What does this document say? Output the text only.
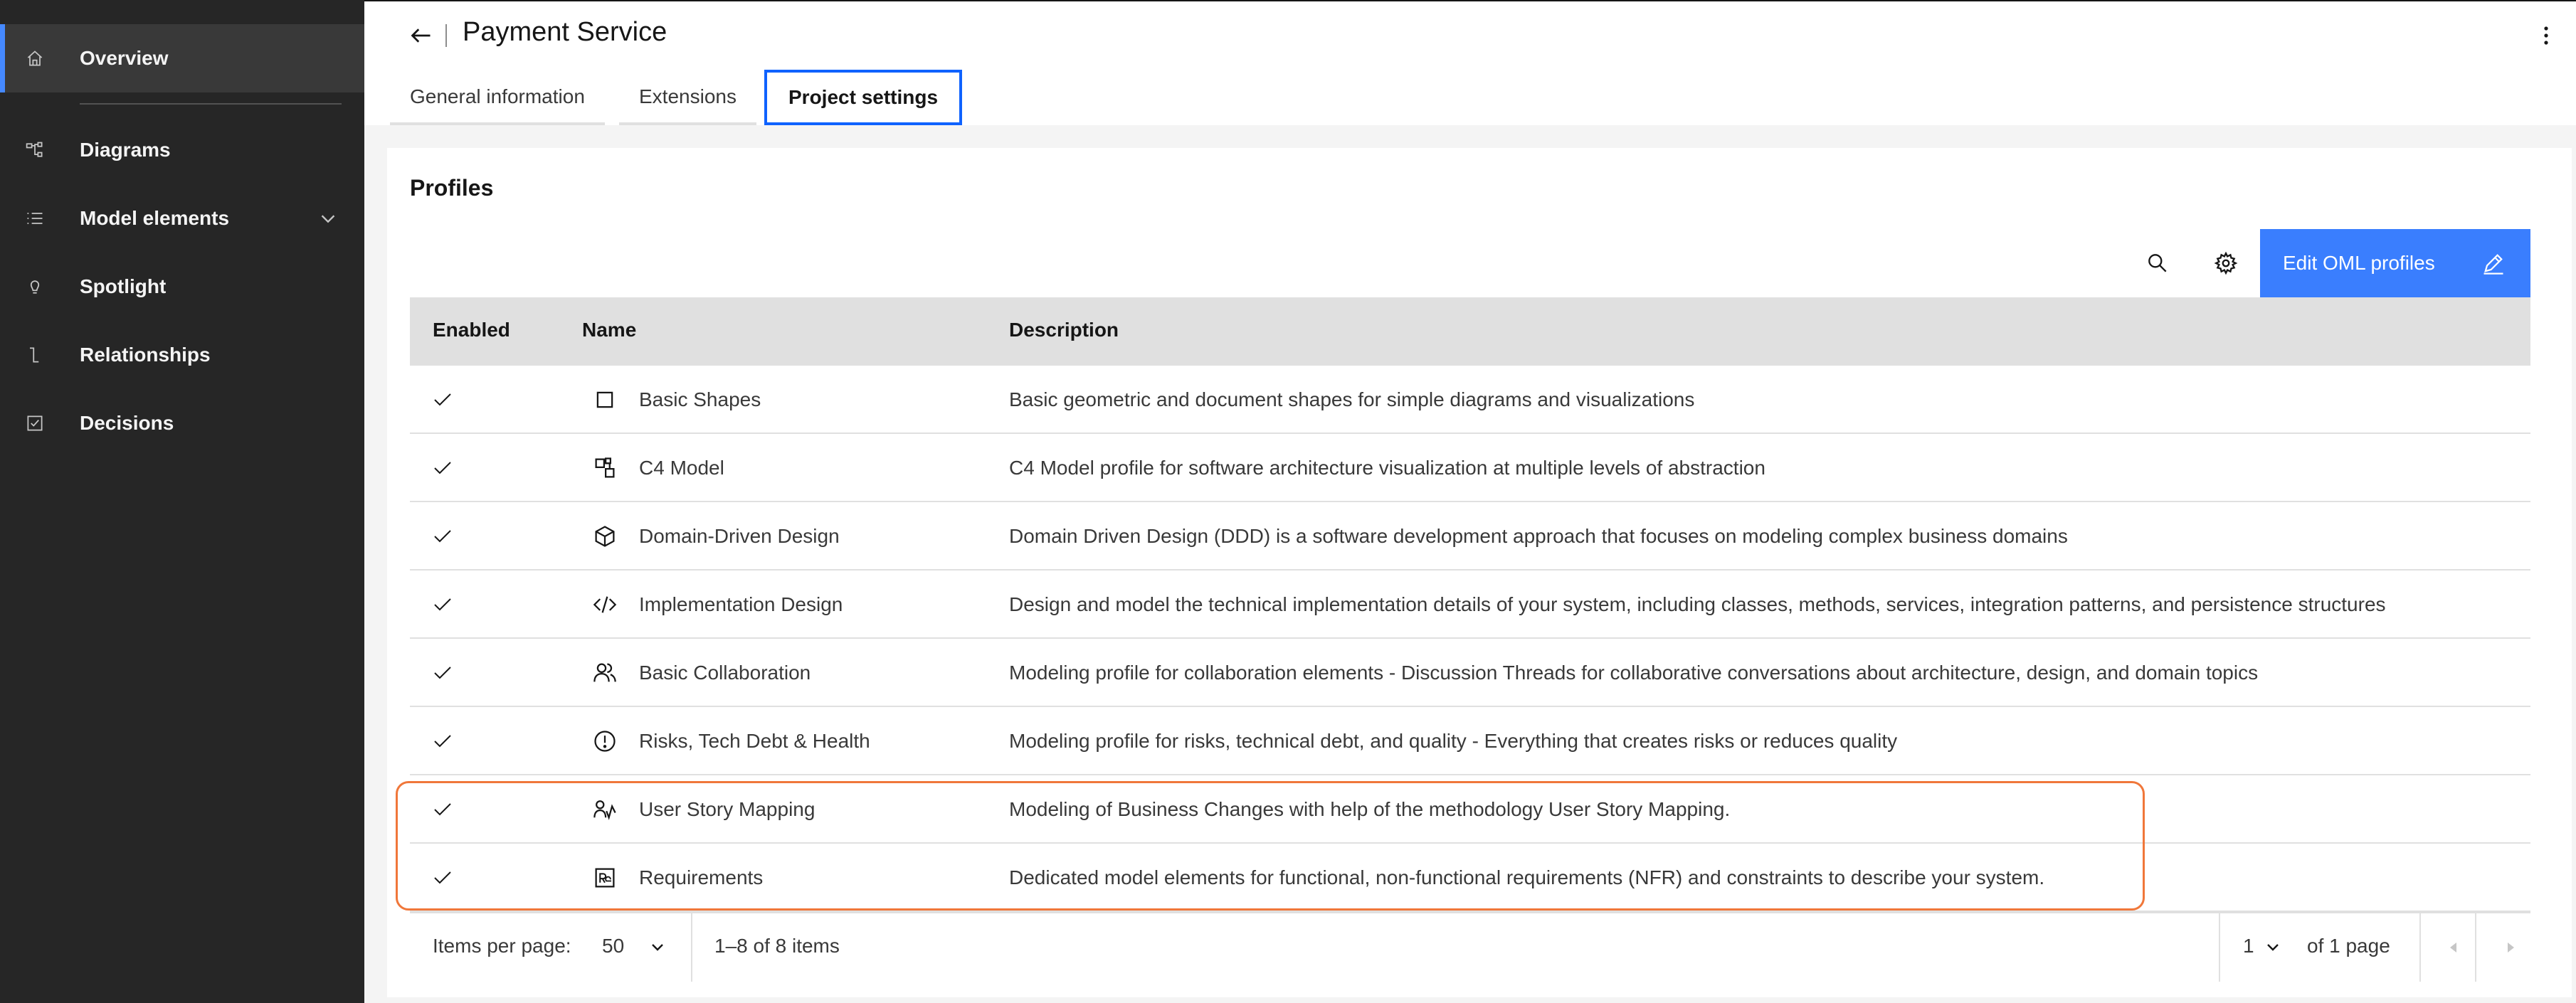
Overview
Diagrams
Model elements
Spotlight
Relationships
Decisions
Payment Service
General information	Extensions	Project settings
Profiles
Edit OML profiles
Enabled	Name	Description
Basic Shapes	Basic geometric and document shapes for simple diagrams and visualizations
C4 Model	C4 Model profile for software architecture visualization at multiple levels of abstraction
Domain-Driven Design	Domain Driven Design (DDD) is a software development approach that focuses on modeling complex business domains
Implementation Design	Design and model the technical implementation details of your system, including classes, methods, services, integration patterns, and persistence structures
Basic Collaboration	Modeling profile for collaboration elements - Discussion Threads for collaborative conversations about architecture, design, and domain topics
Risks, Tech Debt & Health	Modeling profile for risks, technical debt, and quality - Everything that creates risks or reduces quality
User Story Mapping	Modeling of Business Changes with help of the methodology User Story Mapping.
Requirements	Dedicated model elements for functional, non-functional requirements (NFR) and constraints to describe your system.
Items per page: 50	1–8 of 8 items	1	of 1 page
